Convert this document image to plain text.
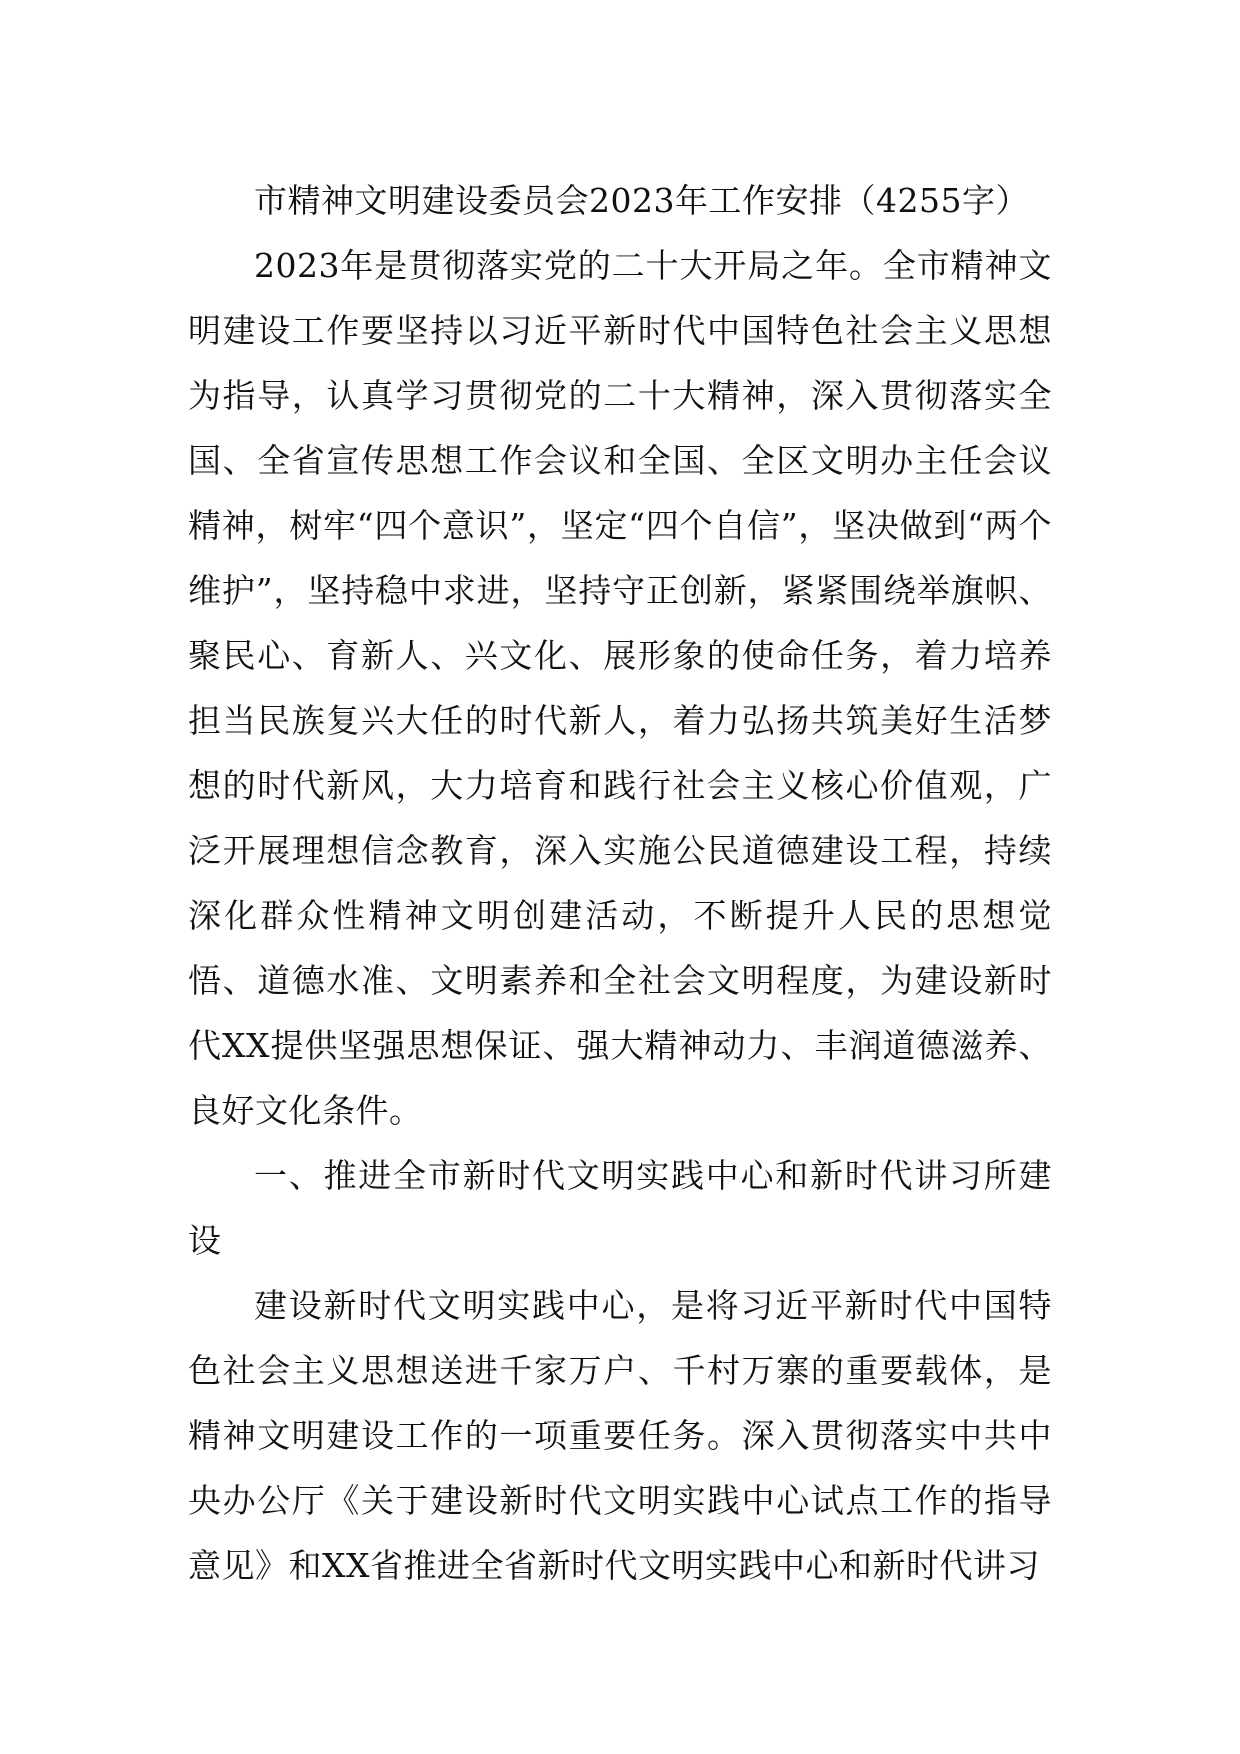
市精神文明建设委员会2023年工作安排（4255字）

2023年是贯彻落实党的二十大开局之年。全市精神文明建设工作要坚持以习近平新时代中国特色社会主义思想为指导，认真学习贯彻党的二十大精神，深入贯彻落实全国、全省宣传思想工作会议和全国、全区文明办主任会议精神，树牢“四个意识”，坚定“四个自信”，坚决做到“两个维护”，坚持稳中求进，坚持守正创新，紧紧围绕举旗帜、聚民心、育新人、兴文化、展形象的使命任务，着力培养担当民族复兴大任的时代新人，着力弘扬共筑美好生活梦想的时代新风，大力培育和践行社会主义核心价值观，广泛开展理想信念教育，深入实施公民道德建设工程，持续深化群众性精神文明创建活动，不断提升人民的思想觉悟、道德水准、文明素养和全社会文明程度，为建设新时代XX提供坚强思想保证、强大精神动力、丰润道德滋养、良好文化条件。

一、推进全市新时代文明实践中心和新时代讲习所建设

建设新时代文明实践中心，是将习近平新时代中国特色社会主义思想送进千家万户、千村万寨的重要载体，是精神文明建设工作的一项重要任务。深入贯彻落实中共中央办公厅《关于建设新时代文明实践中心试点工作的指导意见》和XX省推进全省新时代文明实践中心和新时代讲习
